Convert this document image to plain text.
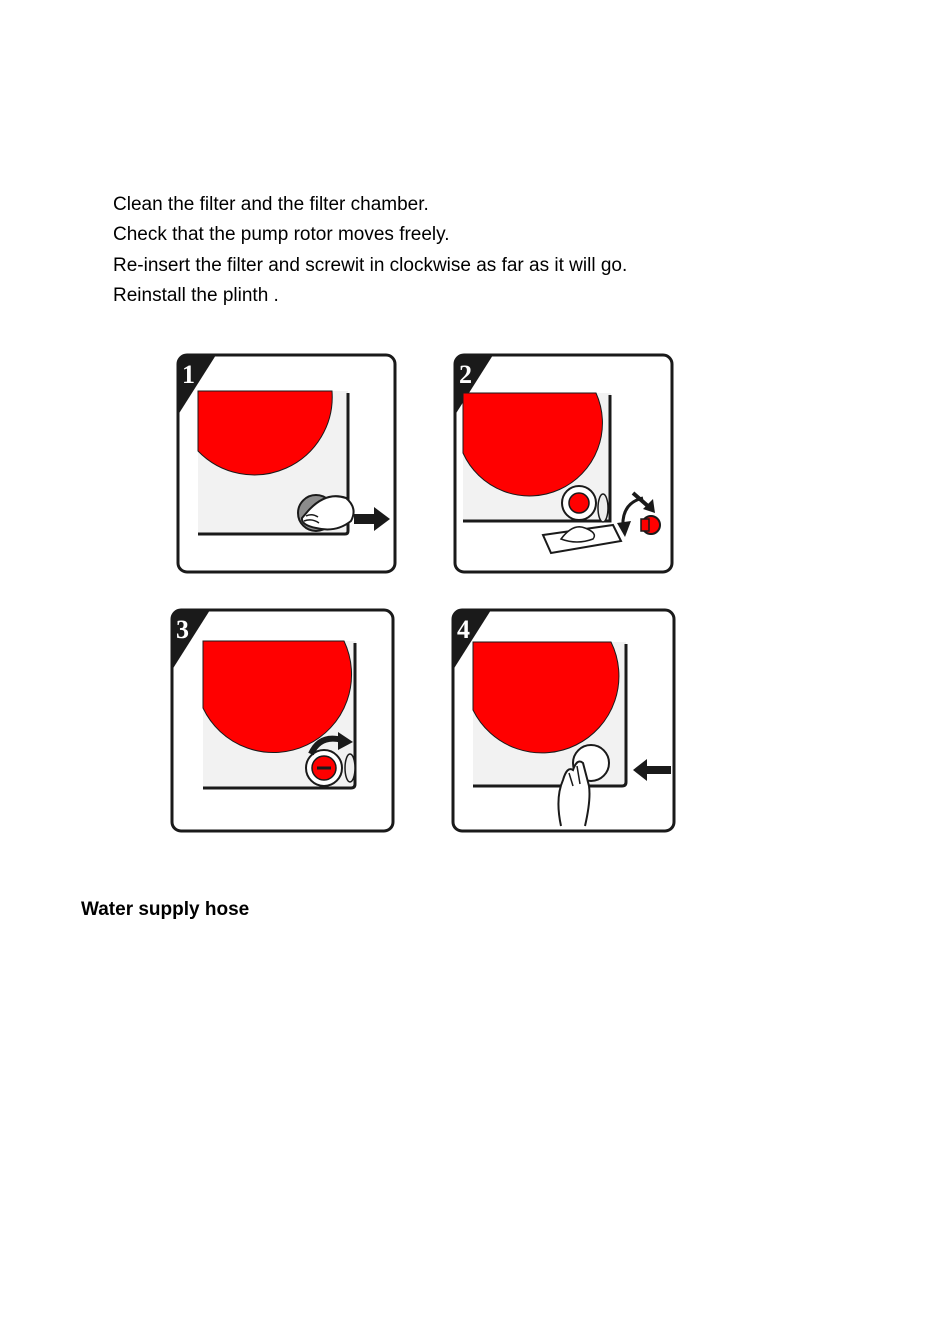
Clean the filter and the filter chamber.
Check that the pump rotor moves freely.
Re-insert the filter and screwit in clockwise as far as it will go.
Reinstall the plinth .
1	2
3	4
Water supply hose
